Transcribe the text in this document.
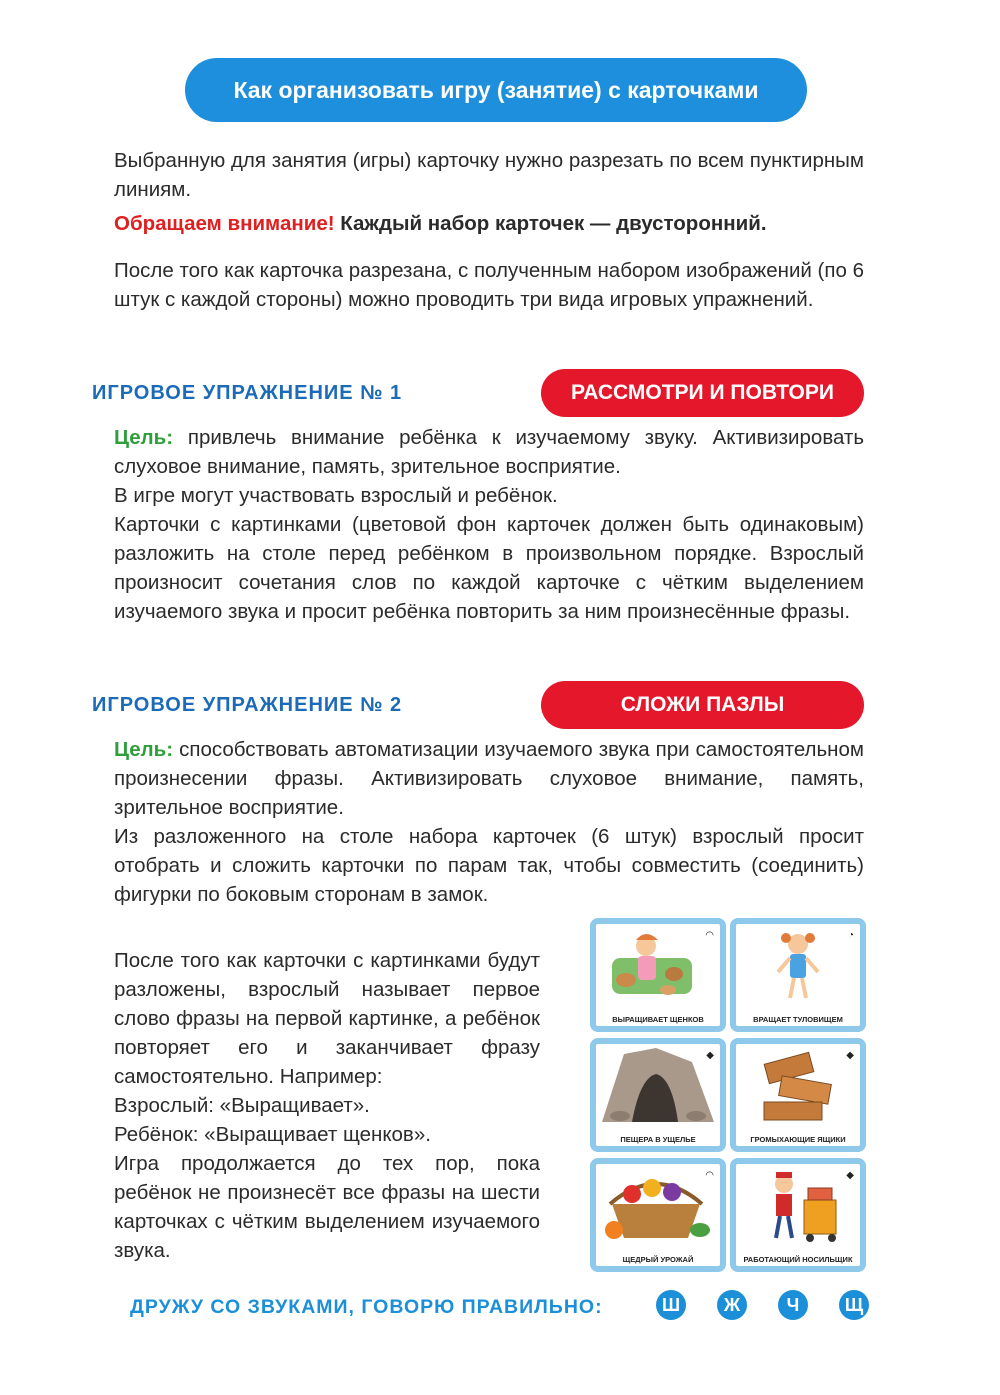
Как организовать игру (занятие) с карточками
Выбранную для занятия (игры) карточку нужно разрезать по всем пунктирным линиям.
Обращаем внимание! Каждый набор карточек — двусторонний.
После того как карточка разрезана, с полученным набором изображений (по 6 штук с каждой стороны) можно проводить три вида игровых упражнений.
ИГРОВОЕ УПРАЖНЕНИЕ № 1	РАССМОТРИ И ПОВТОРИ
Цель: привлечь внимание ребёнка к изучаемому звуку. Активизировать слуховое внимание, память, зрительное восприятие.
В игре могут участвовать взрослый и ребёнок.
Карточки с картинками (цветовой фон карточек должен быть одинаковым) разложить на столе перед ребёнком в произвольном порядке. Взрослый произносит сочетания слов по каждой карточке с чётким выделением изучаемого звука и просит ребёнка повторить за ним произнесённые фразы.
ИГРОВОЕ УПРАЖНЕНИЕ № 2	СЛОЖИ ПАЗЛЫ
Цель: способствовать автоматизации изучаемого звука при самостоятельном произнесении фразы. Активизировать слуховое внимание, память, зрительное восприятие.
Из разложенного на столе набора карточек (6 штук) взрослый просит отобрать и сложить карточки по парам так, чтобы совместить (соединить) фигурки по боковым сторонам в замок.
После того как карточки с картинками будут разложены, взрослый называет первое слово фразы на первой картинке, а ребёнок повторяет его и заканчивает фразу самостоятельно. Например:
Взрослый: «Выращивает».
Ребёнок: «Выращивает щенков».
Игра продолжается до тех пор, пока ребёнок не произнесёт все фразы на шести карточках с чётким выделением изучаемого звука.
◠
ВЫРАЩИВАЕТ ЩЕНКОВ
◔
ВРАЩАЕТ ТУЛОВИЩЕМ
◆
ПЕЩЕРА В УЩЕЛЬЕ
◆
ГРОМЫХАЮЩИЕ ЯЩИКИ
◠
ЩЕДРЫЙ УРОЖАЙ
◆
РАБОТАЮЩИЙ НОСИЛЬЩИК
ДРУЖУ СО ЗВУКАМИ, ГОВОРЮ ПРАВИЛЬНО:	Ш	Ж	Ч	Щ
